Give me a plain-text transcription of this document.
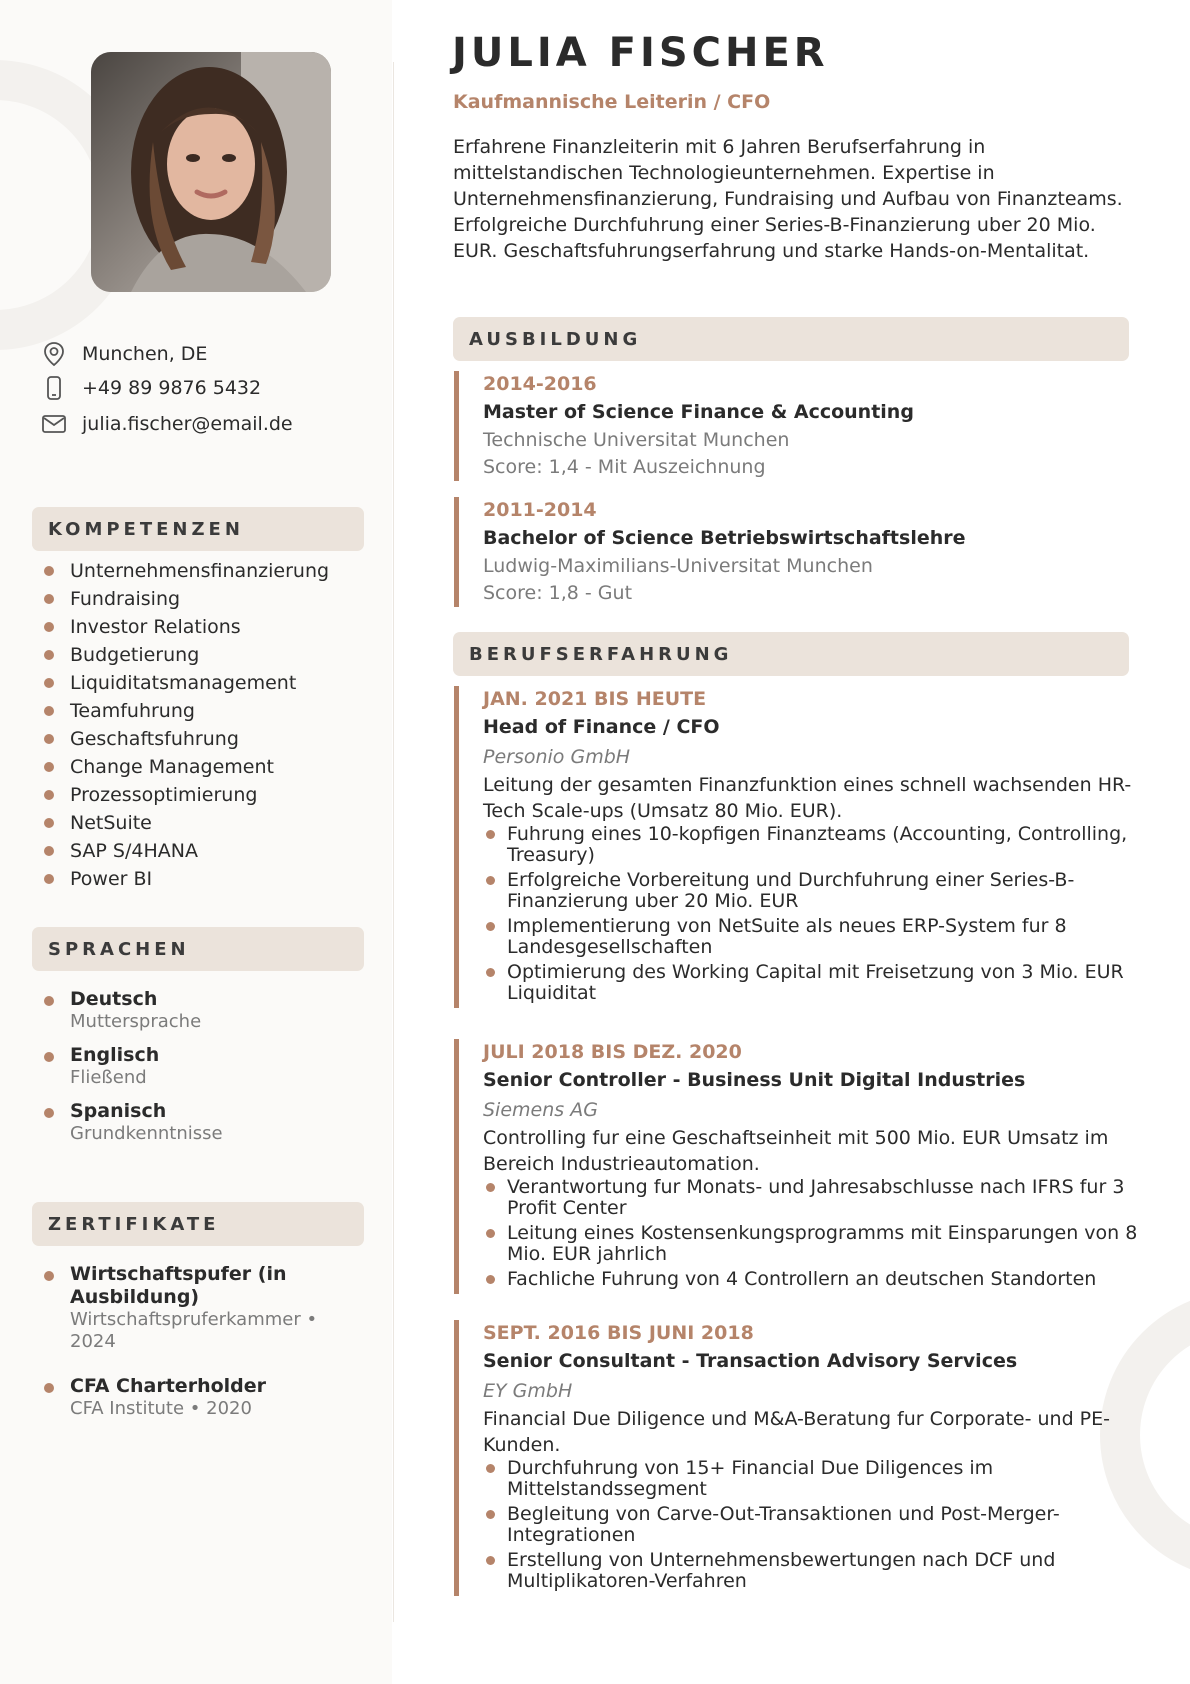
Munchen, DE
+49 89 9876 5432
julia.fischer@email.de
KOMPETENZEN
Unternehmensfinanzierung
Fundraising
Investor Relations
Budgetierung
Liquiditatsmanagement
Teamfuhrung
Geschaftsfuhrung
Change Management
Prozessoptimierung
NetSuite
SAP S/4HANA
Power BI
SPRACHEN
Deutsch
Muttersprache
Englisch
Fließend
Spanisch
Grundkenntnisse
ZERTIFIKATE
Wirtschaftspufer (in Ausbildung)
Wirtschaftspruferkammer • 2024
CFA Charterholder
CFA Institute • 2020
JULIA FISCHER
Kaufmannische Leiterin / CFO
Erfahrene Finanzleiterin mit 6 Jahren Berufserfahrung in mittelstandischen Technologieunternehmen. Expertise in Unternehmensfinanzierung, Fundraising und Aufbau von Finanzteams. Erfolgreiche Durchfuhrung einer Series-B-Finanzierung uber 20 Mio. EUR. Geschaftsfuhrungserfahrung und starke Hands-on-Mentalitat.
AUSBILDUNG
2014-2016
Master of Science Finance & Accounting
Technische Universitat Munchen
Score: 1,4 - Mit Auszeichnung
2011-2014
Bachelor of Science Betriebswirtschaftslehre
Ludwig-Maximilians-Universitat Munchen
Score: 1,8 - Gut
BERUFSERFAHRUNG
JAN. 2021 BIS HEUTE
Head of Finance / CFO
Personio GmbH
Leitung der gesamten Finanzfunktion eines schnell wachsenden HR-Tech Scale-ups (Umsatz 80 Mio. EUR).
Fuhrung eines 10-kopfigen Finanzteams (Accounting, Controlling, Treasury)
Erfolgreiche Vorbereitung und Durchfuhrung einer Series-B-Finanzierung uber 20 Mio. EUR
Implementierung von NetSuite als neues ERP-System fur 8 Landesgesellschaften
Optimierung des Working Capital mit Freisetzung von 3 Mio. EUR Liquiditat
JULI 2018 BIS DEZ. 2020
Senior Controller - Business Unit Digital Industries
Siemens AG
Controlling fur eine Geschaftseinheit mit 500 Mio. EUR Umsatz im Bereich Industrieautomation.
Verantwortung fur Monats- und Jahresabschlusse nach IFRS fur 3 Profit Center
Leitung eines Kostensenkungsprogramms mit Einsparungen von 8 Mio. EUR jahrlich
Fachliche Fuhrung von 4 Controllern an deutschen Standorten
SEPT. 2016 BIS JUNI 2018
Senior Consultant - Transaction Advisory Services
EY GmbH
Financial Due Diligence und M&A-Beratung fur Corporate- und PE-Kunden.
Durchfuhrung von 15+ Financial Due Diligences im Mittelstandssegment
Begleitung von Carve-Out-Transaktionen und Post-Merger-Integrationen
Erstellung von Unternehmensbewertungen nach DCF und Multiplikatoren-Verfahren
